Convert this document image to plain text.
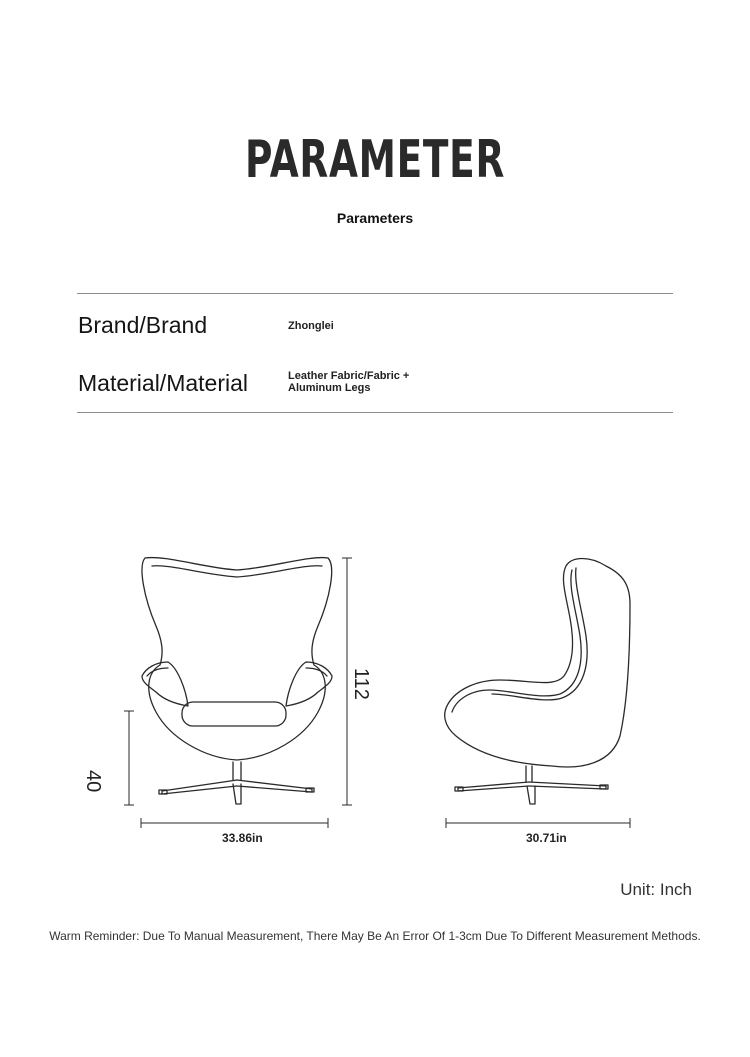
PARAMETER
Parameters
Brand/Brand	Zhonglei
Material/Material	Leather Fabric/Fabric +
Aluminum Legs
112
40
33.86in	30.71in
Unit: Inch
Warm Reminder: Due To Manual Measurement, There May Be An Error Of 1-3cm Due To Different Measurement Methods.
